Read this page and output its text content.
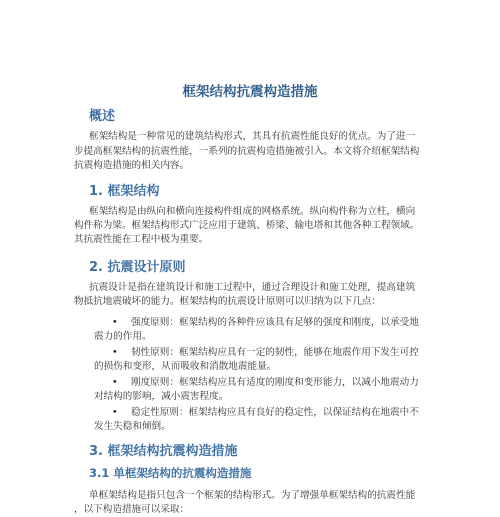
框架结构抗震构造措施
概述

框架结构是一种常见的建筑结构形式，其具有抗震性能良好的优点。为了进一

步提高框架结构的抗震性能，一系列的抗震构造措施被引入。本文将介绍框架结构

抗震构造措施的相关内容。

1. 框架结构

框架结构是由纵向和横向连接构件组成的网格系统。纵向构件称为立柱，横向

构件称为梁。框架结构形式广泛应用于建筑、桥梁、输电塔和其他各种工程领域。

其抗震性能在工程中极为重要。

2. 抗震设计原则

抗震设计是指在建筑设计和施工过程中，通过合理设计和施工处理，提高建筑

物抵抗地震破坏的能力。框架结构的抗震设计原则可以归纳为以下几点：

• 强度原则：框架结构的各种件应该具有足够的强度和刚度，以承受地

震力的作用。

• 韧性原则：框架结构应具有一定的韧性，能够在地震作用下发生可控

的损伤和变形，从而吸收和消散地震能量。

• 刚度原则：框架结构应具有适度的刚度和变形能力，以减小地震动力

对结构的影响，减小震害程度。

• 稳定性原则：框架结构应具有良好的稳定性，以保证结构在地震中不

发生失稳和倾倒。

3. 框架结构抗震构造措施
3.1 单框架结构的抗震构造措施

单框架结构是指只包含一个框架的结构形式。为了增强单框架结构的抗震性能

，以下构造措施可以采取：
